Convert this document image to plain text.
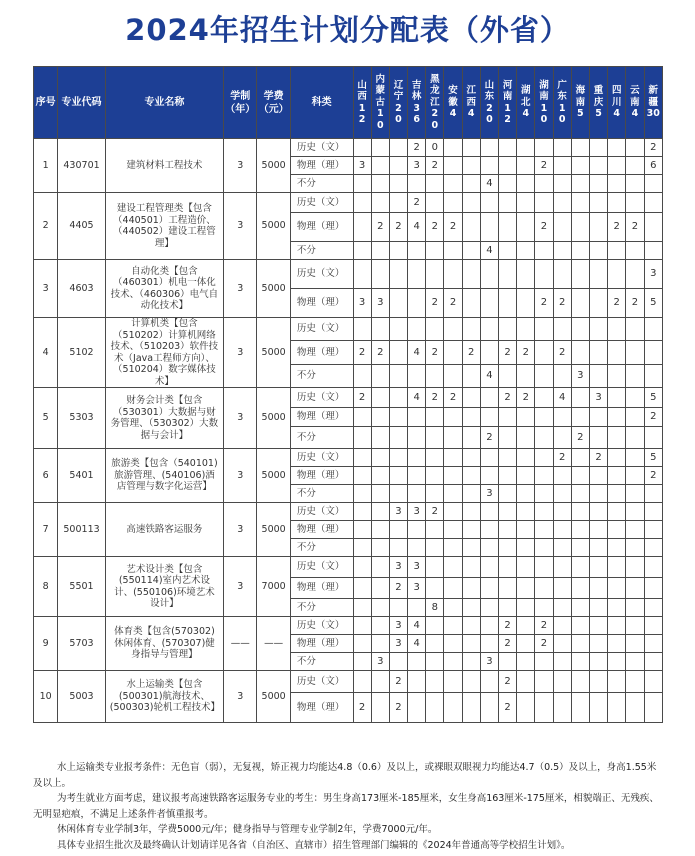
2024年招生计划分配表（外省）
序号	专业代码	专业名称	学制（年）	学费（元）	科类	山西12	内蒙古10	辽宁20	吉林36	黑龙江20	安徽4	江西4	山东20	河南12	湖北4	湖南10	广东10	海南5	重庆5	四川4	云南4	新疆30
1	430701	建筑材料工程技术	3	5000	历史（文）				2	0												2
					物理（理）	3			3	2						2						6
					不分								4									
2	4405	建设工程管理类【包含（440501）工程造价、（440502）建设工程管理】	3	5000	历史（文）				2													
					物理（理）		2	2	4	2	2					2				2	2	
					不分								4									
3	4603	自动化类【包含（460301）机电一体化技术、（460306）电气自动化技术】	3	5000	历史（文）																	3
					物理（理）	3	3			2	2					2	2			2	2	5
4	5102	计算机类【包含（510202）计算机网络技术、（510203）软件技术（Java工程师方向）、（510204）数字媒体技术】	3	5000	历史（文）																	
					物理（理）	2	2		4	2		2		2	2		2					
					不分								4					3				
5	5303	财务会计类【包含（530301）大数据与财务管理、（530302）大数据与会计】	3	5000	历史（文）	2			4	2	2			2	2		4		3			5
					物理（理）																	2
					不分								2					2				
6	5401	旅游类【包含（540101)旅游管理、(540106)酒店管理与数字化运营】	3	5000	历史（文）												2		2			5
					物理（理）																	2
					不分								3									
7	500113	高速铁路客运服务	3	5000	历史（文）			3	3	2												
					物理（理）																	
					不分																	
8	5501	艺术设计类【包含(550114)室内艺术设计、(550106)环境艺术设计】	3	7000	历史（文）			3	3													
					物理（理）			2	3													
					不分					8												
9	5703	体育类【包含(570302)休闲体育、(570307)健身指导与管理】	——	——	历史（文）			3	4					2		2						
					物理（理）			3	4					2		2						
					不分		3						3									
10	5003	水上运输类【包含(500301)航海技术、(500303)轮机工程技术】	3	5000	历史（文）			2						2								
					物理（理）	2		2						2								

水上运输类专业报考条件：无色盲（弱），无复视，矫正视力均能达4.8（0.6）及以上，或裸眼双眼视力均能达4.7（0.5）及以上，身高1.55米及以上。

为考生就业方面考虑，建议报考高速铁路客运服务专业的考生：男生身高173厘米-185厘米，女生身高163厘米-175厘米，相貌端正、无残疾、无明显疤痕，不满足上述条件者慎重报考。

休闲体育专业学制3年，学费5000元/年；健身指导与管理专业学制2年，学费7000元/年。

具体专业招生批次及最终确认计划请详见各省（自治区、直辖市）招生管理部门编辑的《2024年普通高等学校招生计划》。
